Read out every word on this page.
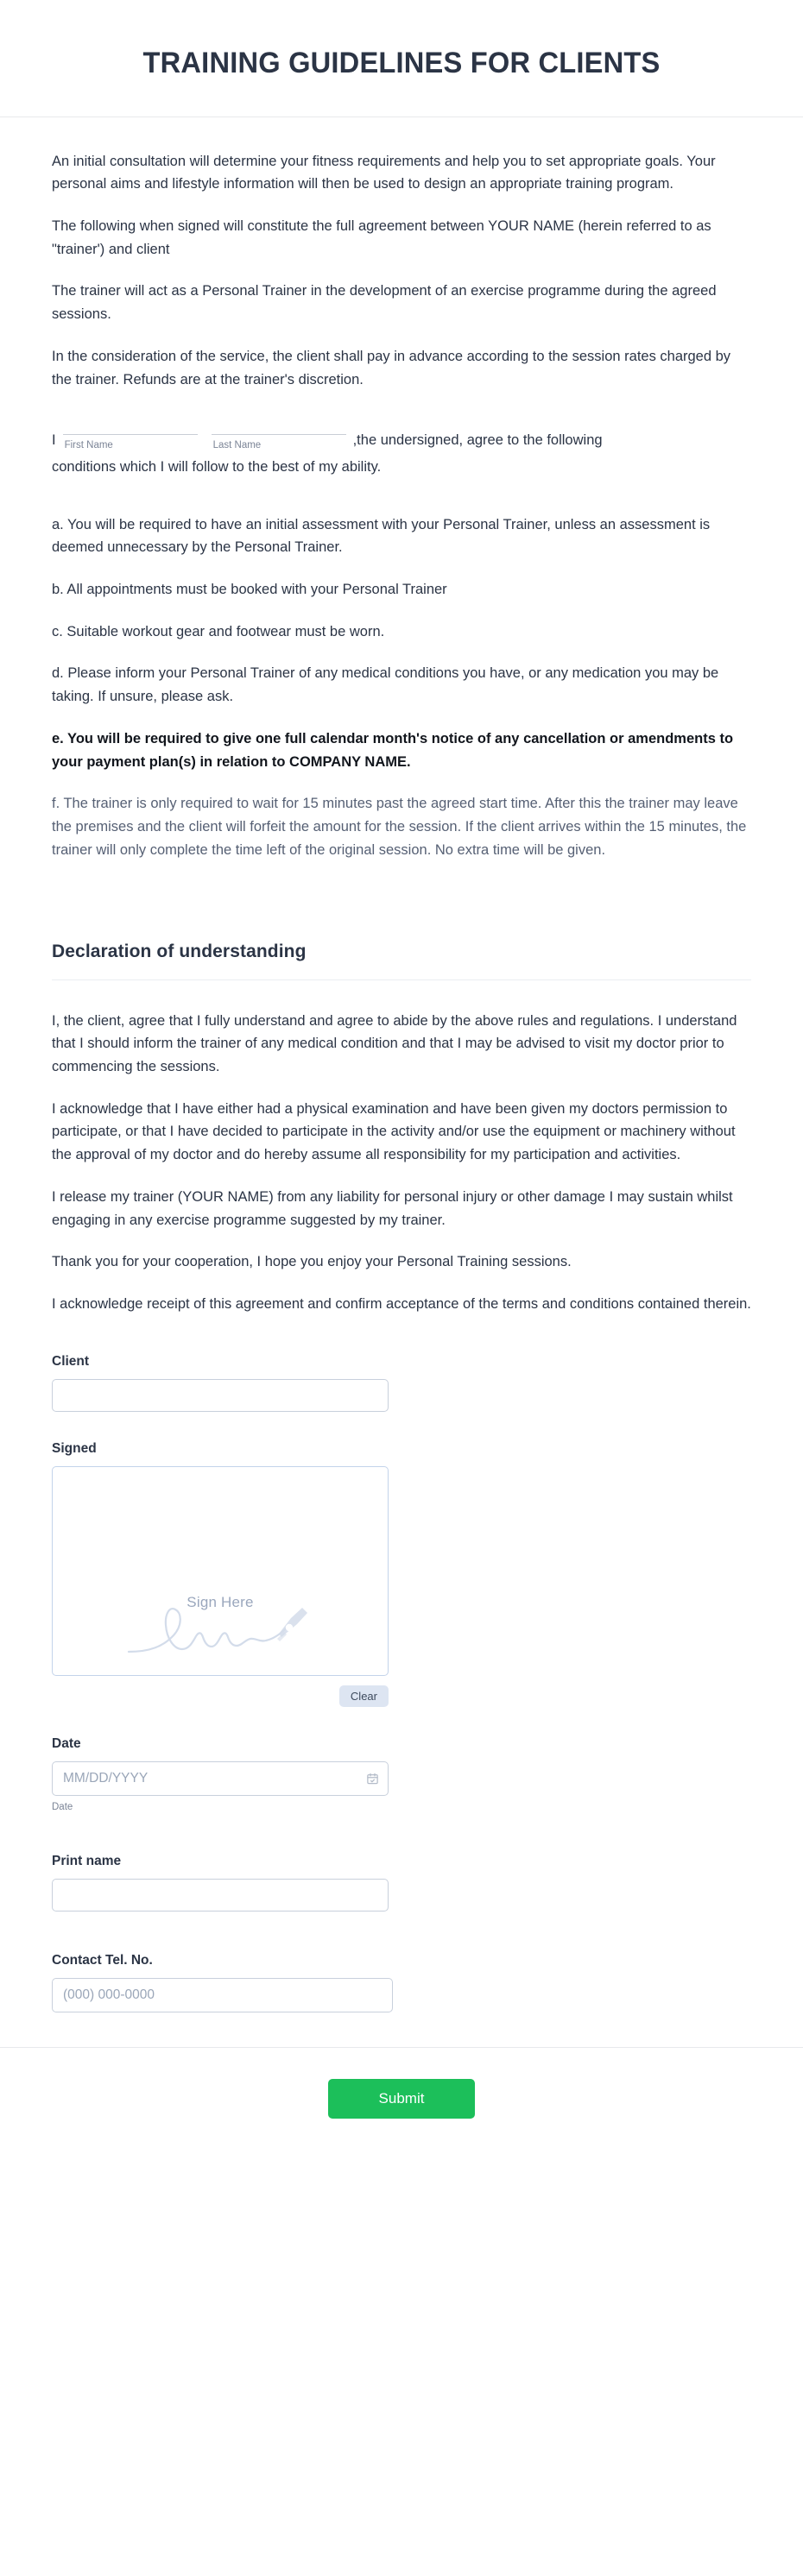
TRAINING GUIDELINES FOR CLIENTS

An initial consultation will determine your fitness requirements and help you to set appropriate goals. Your personal aims and lifestyle information will then be used to design an appropriate training program.

The following when signed will constitute the full agreement between YOUR NAME (herein referred to as "trainer') and client

The trainer will act as a Personal Trainer in the development of an exercise programme during the agreed sessions.

In the consideration of the service, the client shall pay in advance according to the session rates charged by the trainer. Refunds are at the trainer's discretion.

I First Name	Last Name	,the undersigned, agree to the following
conditions which I will follow to the best of my ability.

a. You will be required to have an initial assessment with your Personal Trainer, unless an assessment is deemed unnecessary by the Personal Trainer.

b. All appointments must be booked with your Personal Trainer

c. Suitable workout gear and footwear must be worn.

d. Please inform your Personal Trainer of any medical conditions you have, or any medication you may be taking. If unsure, please ask.

e. You will be required to give one full calendar month's notice of any cancellation or amendments to your payment plan(s) in relation to COMPANY NAME.

f. The trainer is only required to wait for 15 minutes past the agreed start time. After this the trainer may leave the premises and the client will forfeit the amount for the session. If the client arrives within the 15 minutes, the trainer will only complete the time left of the original session. No extra time will be given.

Declaration of understanding

I, the client, agree that I fully understand and agree to abide by the above rules and regulations. I understand that I should inform the trainer of any medical condition and that I may be advised to visit my doctor prior to commencing the sessions.

I acknowledge that I have either had a physical examination and have been given my doctors permission to participate, or that I have decided to participate in the activity and/or use the equipment or machinery without the approval of my doctor and do hereby assume all responsibility for my participation and activities.

I release my trainer (YOUR NAME) from any liability for personal injury or other damage I may sustain whilst engaging in any exercise programme suggested by my trainer.

Thank you for your cooperation, I hope you enjoy your Personal Training sessions.

I acknowledge receipt of this agreement and confirm acceptance of the terms and conditions contained therein.

Client
Signed
Sign Here
Clear
Date
MM/DD/YYYY
Date
Print name
Contact Tel. No.
(000) 000-0000
Submit
